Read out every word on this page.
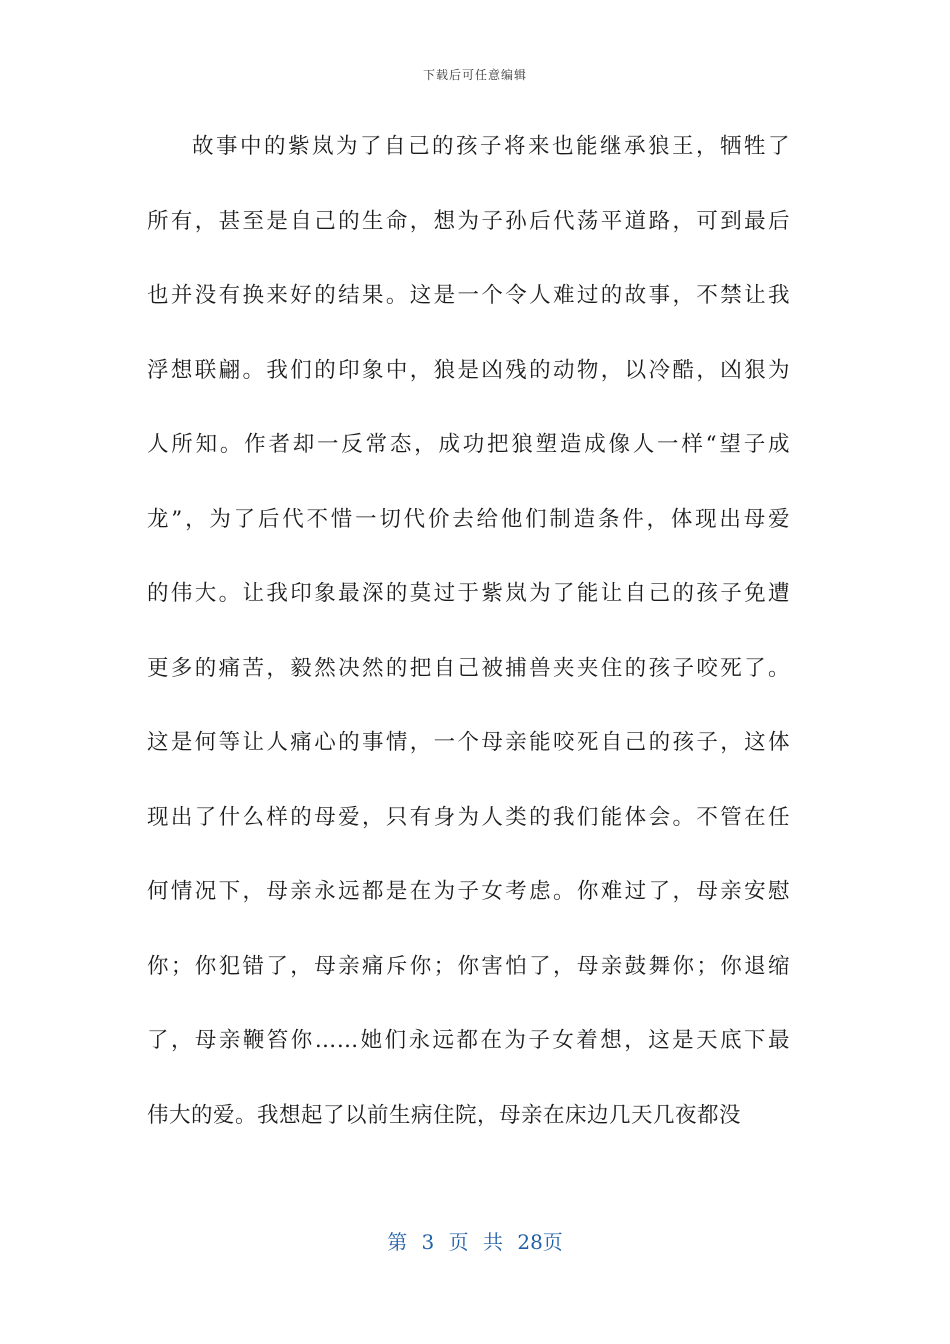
下载后可任意编辑
故事中的紫岚为了自己的孩子将来也能继承狼王，牺牲了
所有，甚至是自己的生命，想为子孙后代荡平道路，可到最后
也并没有换来好的结果。这是一个令人难过的故事，不禁让我
浮想联翩。我们的印象中，狼是凶残的动物，以冷酷，凶狠为
人所知。作者却一反常态，成功把狼塑造成像人一样“望子成
龙”，为了后代不惜一切代价去给他们制造条件，体现出母爱
的伟大。让我印象最深的莫过于紫岚为了能让自己的孩子免遭
更多的痛苦，毅然决然的把自己被捕兽夹夹住的孩子咬死了。
这是何等让人痛心的事情，一个母亲能咬死自己的孩子，这体
现出了什么样的母爱，只有身为人类的我们能体会。不管在任
何情况下，母亲永远都是在为子女考虑。你难过了，母亲安慰
你；你犯错了，母亲痛斥你；你害怕了，母亲鼓舞你；你退缩
了，母亲鞭笞你……她们永远都在为子女着想，这是天底下最
伟大的爱。我想起了以前生病住院，母亲在床边几天几夜都没
第 3 页 共 28页
